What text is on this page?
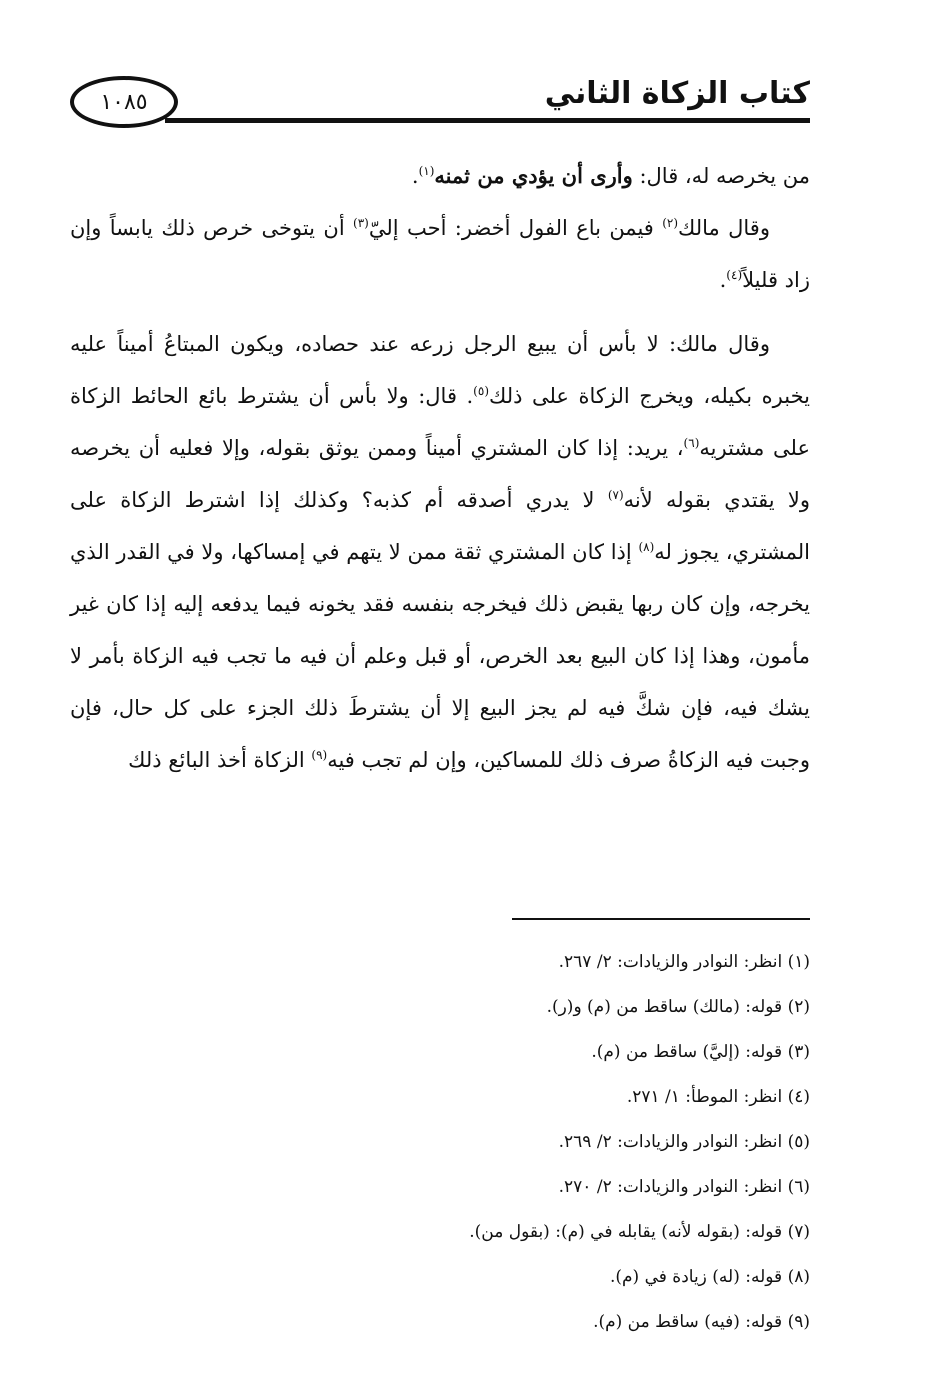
كتاب الزكاة الثاني
١٠٨٥

من يخرصه له، قال: وأرى أن يؤدي من ثمنه$^{(١)}$.

وقال مالك$^{(٢)}$ فيمن باع الفول أخضر: أحب إليّ$^{(٣)}$ أن يتوخى خرص ذلك يابساً وإن زاد قليلاً$^{(٤)}$.

وقال مالك: لا بأس أن يبيع الرجل زرعه عند حصاده، ويكون المبتاعُ أميناً عليه يخبره بكيله، ويخرج الزكاة على ذلك$^{(٥)}$. قال: ولا بأس أن يشترط بائع الحائط الزكاة على مشتريه$^{(٦)}$، يريد: إذا كان المشتري أميناً وممن يوثق بقوله، وإلا فعليه أن يخرصه ولا يقتدي بقوله لأنه$^{(٧)}$ لا يدري أصدقه أم كذبه؟ وكذلك إذا اشترط الزكاة على المشتري، يجوز له$^{(٨)}$ إذا كان المشتري ثقة ممن لا يتهم في إمساكها، ولا في القدر الذي يخرجه، وإن كان ربها يقبض ذلك فيخرجه بنفسه فقد يخونه فيما يدفعه إليه إذا كان غير مأمون، وهذا إذا كان البيع بعد الخرص، أو قبل وعلم أن فيه ما تجب فيه الزكاة بأمر لا يشك فيه، فإن شكَّ فيه لم يجز البيع إلا أن يشترطَ ذلك الجزء على كل حال، فإن وجبت فيه الزكاةُ صرف ذلك للمساكين، وإن لم تجب فيه$^{(٩)}$ الزكاة أخذ البائع ذلك

(١) انظر: النوادر والزيادات: ٢/ ٢٦٧.
(٢) قوله: (مالك) ساقط من (م) و(ر).
(٣) قوله: (إليَّ) ساقط من (م).
(٤) انظر: الموطأ: ١/ ٢٧١.
(٥) انظر: النوادر والزيادات: ٢/ ٢٦٩.
(٦) انظر: النوادر والزيادات: ٢/ ٢٧٠.
(٧) قوله: (بقوله لأنه) يقابله في (م): (بقول من).
(٨) قوله: (له) زيادة في (م).
(٩) قوله: (فيه) ساقط من (م).
